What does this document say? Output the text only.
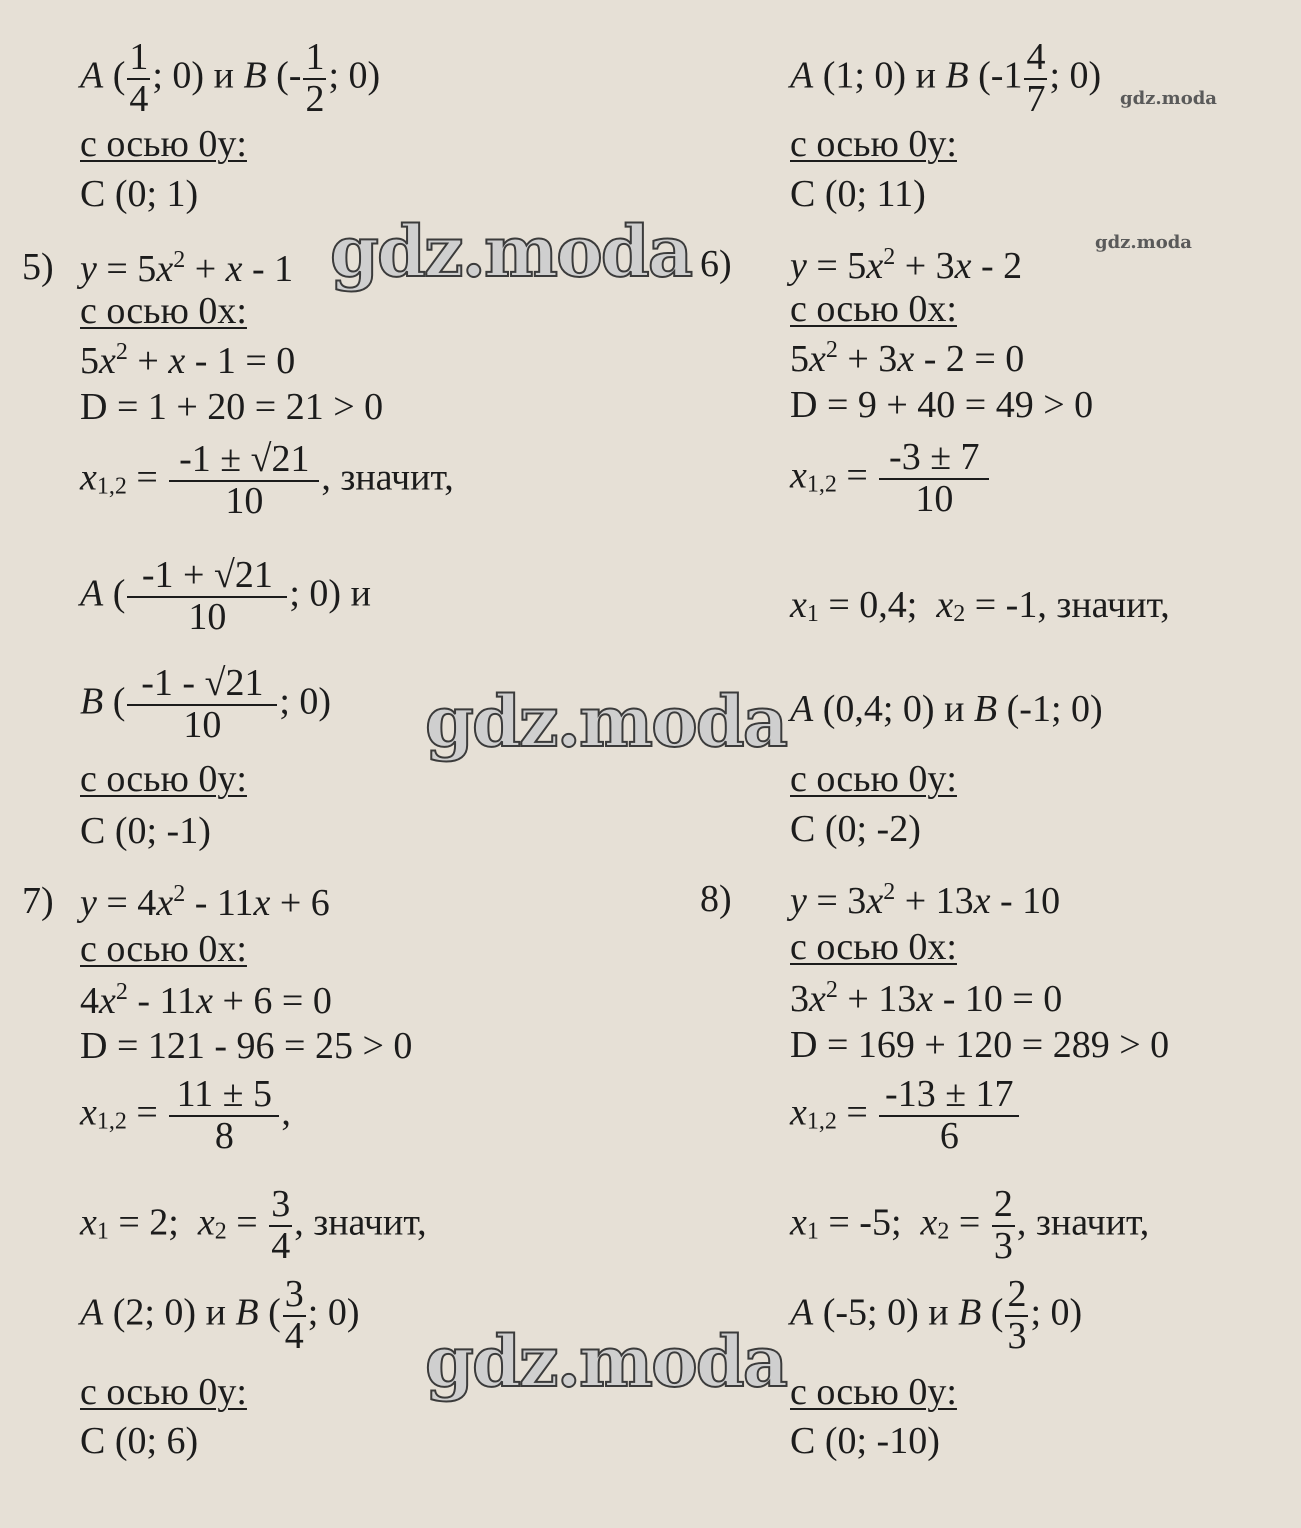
A ( $\frac{1}{4}$ ; 0) и B (- $\frac{1}{2}$ ; 0)
с осью 0y:
C (0; 1)
A (1; 0) и B ($-1 \frac{4}{7}$ ; 0)
с осью 0y:
C (0; 11)
5) $y = 5x^2 + x - 1$
с осью 0x:
$5x^2 + x - 1 = 0$
D = 1 + 20 = 21 > 0
$x1,2 = \frac{-1 \pm √21}{10}$ , значит,
A ( $\frac{-1 + √21}{10}$ ; 0) и
B ( $\frac{-1 - √21}{10}$ ; 0)
с осью 0y:
C (0; -1)
6) $y = 5x^2 + 3x - 2$
с осью 0x:
$5x^2 + 3x - 2 = 0$
D = 9 + 40 = 49 > 0
$x1,2 = \frac{-3 \pm 7}{10}$
x1 = 0,4;  x2 = -1, значит,
A (0,4; 0) и B (-1; 0)
с осью 0y:
C (0; -2)
7) $y = 4x^2 - 11x + 6$
с осью 0x:
$4x^2 - 11x + 6 = 0$
D = 121 - 96 = 25 > 0
$x1,2 = \frac{11 \pm 5}{8}$ ,
x1 = 2;  $x2 = \frac{3}{4}$ , значит,
A (2; 0) и B ( $\frac{3}{4}$ ; 0)
с осью 0y:
C (0; 6)
8) $y = 3x^2 + 13x - 10$
с осью 0x:
$3x^2 + 13x - 10 = 0$
D = 169 + 120 = 289 > 0
$x1,2 = \frac{-13 \pm 17}{6}$
x1 = -5;  $x2 = \frac{2}{3}$ , значит,
A (-5; 0) и B ( $\frac{2}{3}$ ; 0)
с осью 0y:
C (0; -10)
gdz.moda
gdz.moda
gdz.moda
gdz.moda
gdz.moda
